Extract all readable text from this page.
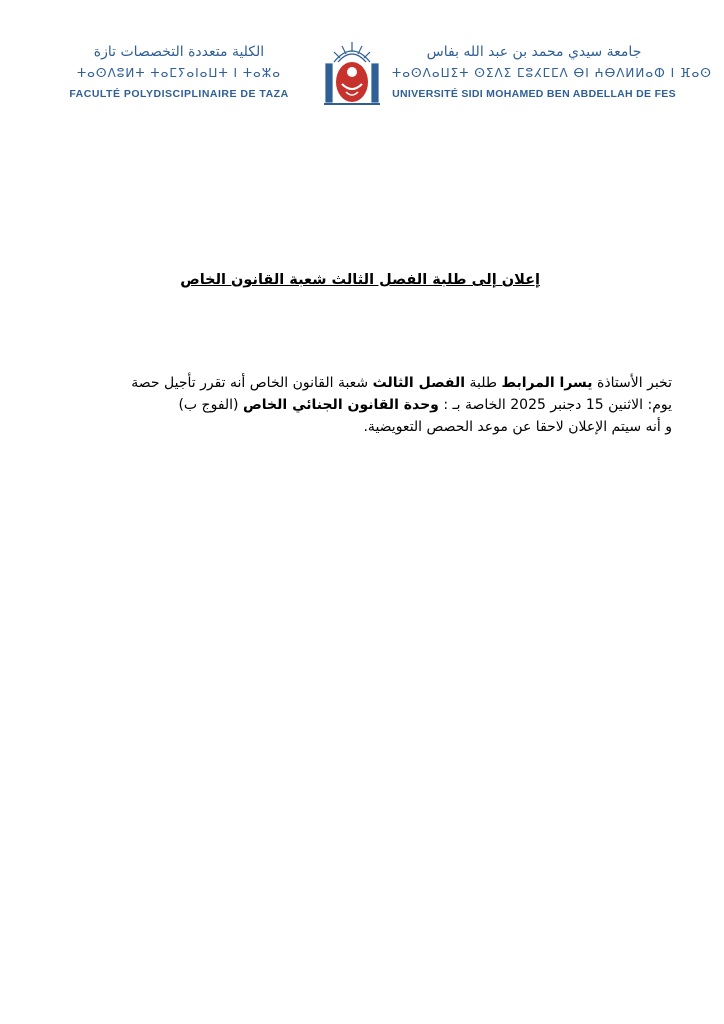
الكلية متعددة التخصصات تازة
ⵜⴰⵙⴷⵓⵍⵜ ⵜⴰⵎⵢⴰⵏⴰⵡⵜ ⵏ ⵜⴰⵣⴰ
FACULTÉ POLYDISCIPLINAIRE DE TAZA
جامعة سيدي محمد بن عبد الله بفاس
ⵜⴰⵙⴷⴰⵡⵉⵜ ⵙⵉⴷⵉ ⵎⵓⵃⵎⵎⴷ ⴱⵏ ⵄⴱⴷⵍⵍⴰⵀ ⵏ ⴼⴰⵙ
UNIVERSITÉ SIDI MOHAMED BEN ABDELLAH DE FES
إعلان إلى طلبة الفصل الثالث شعبة القانون الخاص

تخبر الأستاذة يسرا المرابط طلبة الفصل الثالث شعبة القانون الخاص أنه تقرر تأجيل حصة

يوم: الاثنين 15 دجنبر 2025 الخاصة بـ : وحدة القانون الجنائي الخاص (الفوج ب)

و أنه سيتم الإعلان لاحقا عن موعد الحصص التعويضية.
